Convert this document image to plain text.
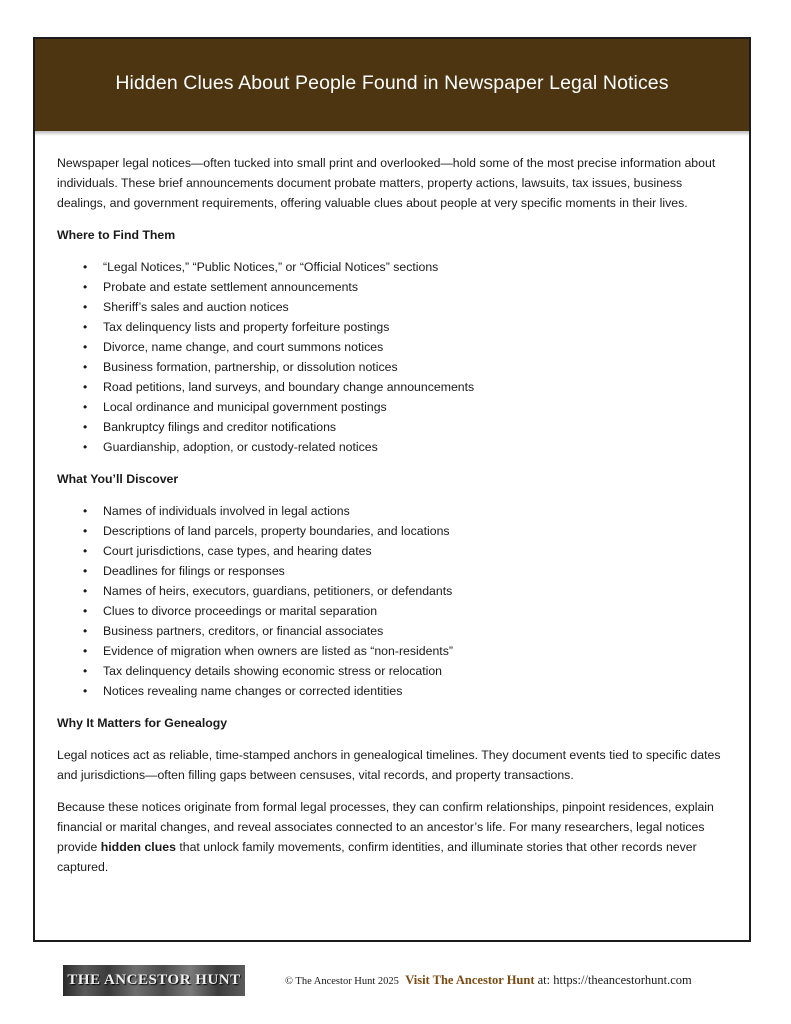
Hidden Clues About People Found in Newspaper Legal Notices

Newspaper legal notices—often tucked into small print and overlooked—hold some of the most precise information about individuals. These brief announcements document probate matters, property actions, lawsuits, tax issues, business dealings, and government requirements, offering valuable clues about people at very specific moments in their lives.

Where to Find Them
• “Legal Notices,” “Public Notices,” or “Official Notices” sections
• Probate and estate settlement announcements
• Sheriff’s sales and auction notices
• Tax delinquency lists and property forfeiture postings
• Divorce, name change, and court summons notices
• Business formation, partnership, or dissolution notices
• Road petitions, land surveys, and boundary change announcements
• Local ordinance and municipal government postings
• Bankruptcy filings and creditor notifications
• Guardianship, adoption, or custody-related notices
What You’ll Discover
• Names of individuals involved in legal actions
• Descriptions of land parcels, property boundaries, and locations
• Court jurisdictions, case types, and hearing dates
• Deadlines for filings or responses
• Names of heirs, executors, guardians, petitioners, or defendants
• Clues to divorce proceedings or marital separation
• Business partners, creditors, or financial associates
• Evidence of migration when owners are listed as “non-residents”
• Tax delinquency details showing economic stress or relocation
• Notices revealing name changes or corrected identities
Why It Matters for Genealogy

Legal notices act as reliable, time-stamped anchors in genealogical timelines. They document events tied to specific dates and jurisdictions—often filling gaps between censuses, vital records, and property transactions.

Because these notices originate from formal legal processes, they can confirm relationships, pinpoint residences, explain financial or marital changes, and reveal associates connected to an ancestor’s life. For many researchers, legal notices provide hidden clues that unlock family movements, confirm identities, and illuminate stories that other records never captured.

THE ANCESTOR HUNT	© The Ancestor Hunt 2025 Visit The Ancestor Hunt at: https://theancestorhunt.com
